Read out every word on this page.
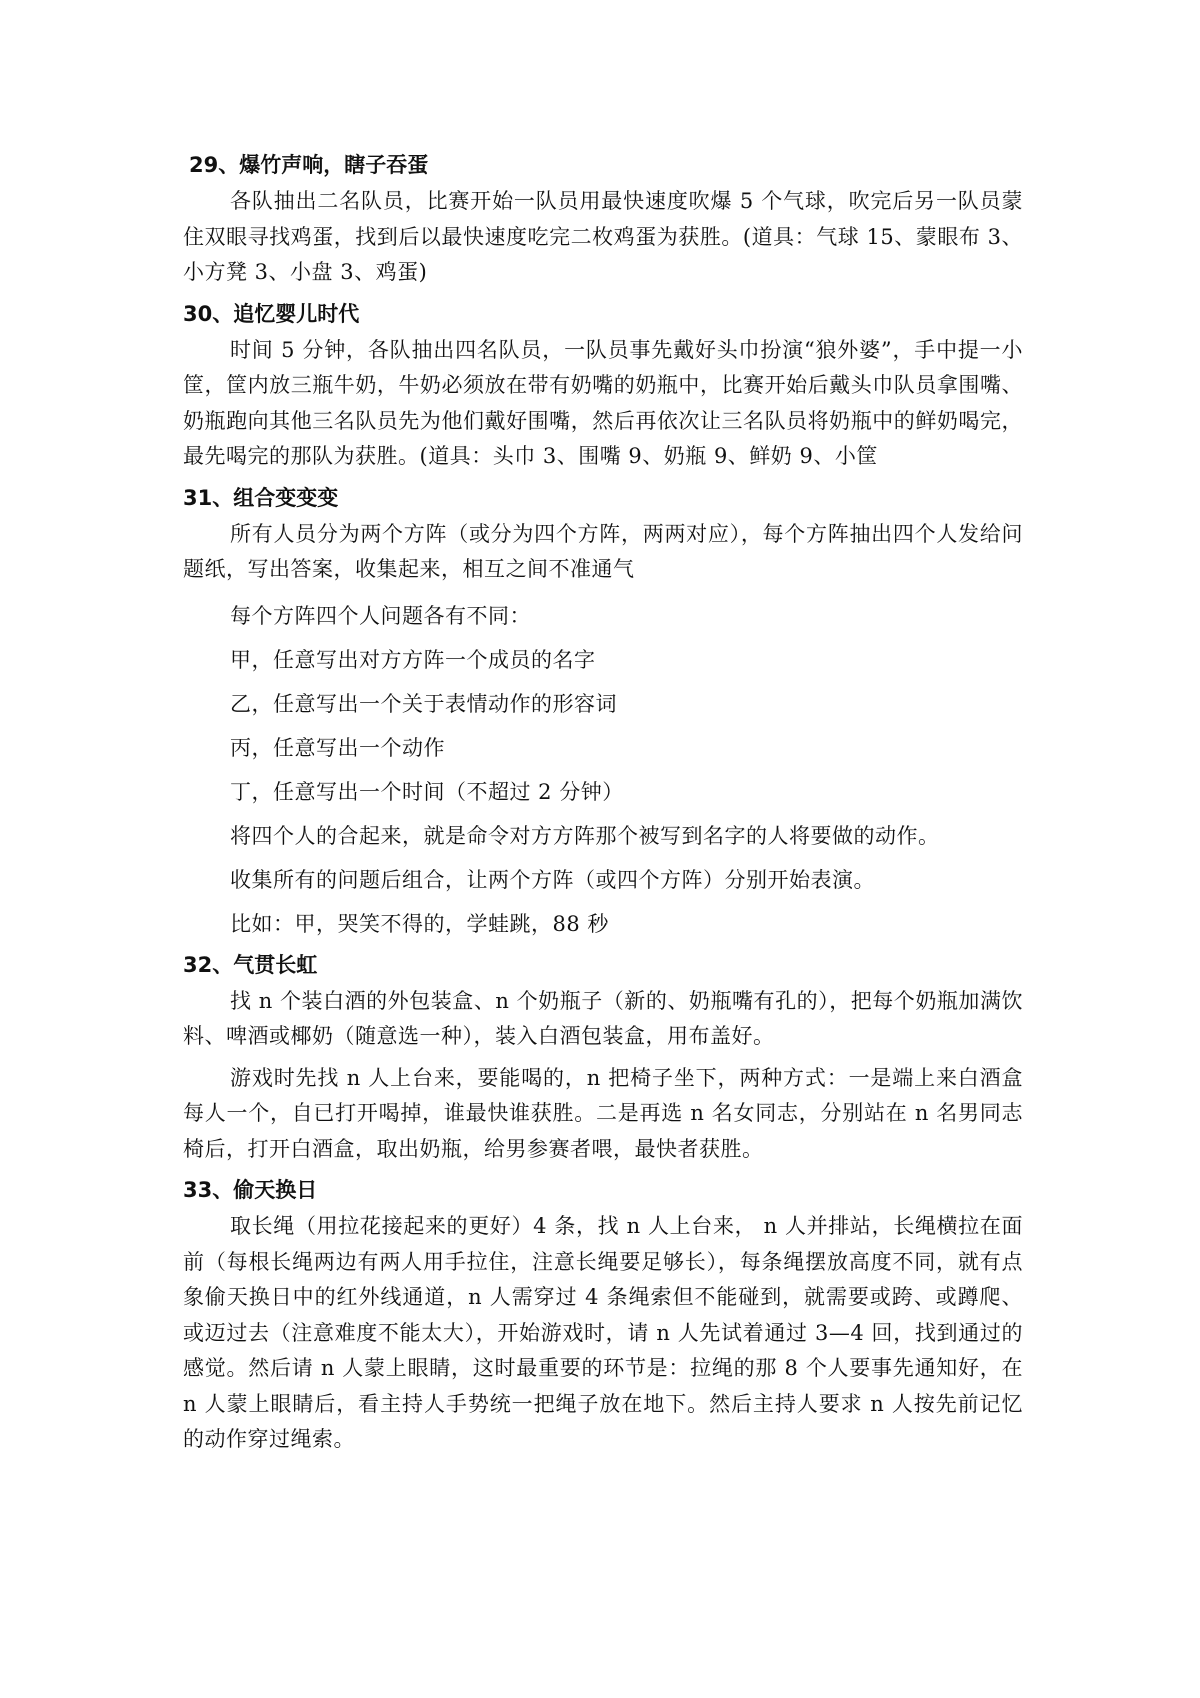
29、爆竹声响，瞎子吞蛋

各队抽出二名队员，比赛开始一队员用最快速度吹爆 5 个气球，吹完后另一队员蒙住双眼寻找鸡蛋，找到后以最快速度吃完二枚鸡蛋为获胜。(道具：气球 15、蒙眼布 3、小方凳 3、小盘 3、鸡蛋)

30、追忆婴儿时代

时间 5 分钟，各队抽出四名队员，一队员事先戴好头巾扮演“狼外婆”，手中提一小筐，筐内放三瓶牛奶，牛奶必须放在带有奶嘴的奶瓶中，比赛开始后戴头巾队员拿围嘴、奶瓶跑向其他三名队员先为他们戴好围嘴，然后再依次让三名队员将奶瓶中的鲜奶喝完，最先喝完的那队为获胜。(道具：头巾 3、围嘴 9、奶瓶 9、鲜奶 9、小筐

31、组合变变变

所有人员分为两个方阵（或分为四个方阵，两两对应），每个方阵抽出四个人发给问题纸，写出答案，收集起来，相互之间不准通气

每个方阵四个人问题各有不同：

甲，任意写出对方方阵一个成员的名字

乙，任意写出一个关于表情动作的形容词

丙，任意写出一个动作

丁，任意写出一个时间（不超过 2 分钟）

将四个人的合起来，就是命令对方方阵那个被写到名字的人将要做的动作。

收集所有的问题后组合，让两个方阵（或四个方阵）分别开始表演。

比如：甲，哭笑不得的，学蛙跳，88 秒

32、气贯长虹

找 n 个装白酒的外包装盒、n 个奶瓶子（新的、奶瓶嘴有孔的），把每个奶瓶加满饮料、啤酒或椰奶（随意选一种），装入白酒包装盒，用布盖好。

游戏时先找 n 人上台来，要能喝的，n 把椅子坐下，两种方式：一是端上来白酒盒每人一个，自已打开喝掉，谁最快谁获胜。二是再选 n 名女同志，分别站在 n 名男同志椅后，打开白酒盒，取出奶瓶，给男参赛者喂，最快者获胜。

33、偷天换日

取长绳（用拉花接起来的更好）4 条，找 n 人上台来， n 人并排站，长绳横拉在面前（每根长绳两边有两人用手拉住，注意长绳要足够长），每条绳摆放高度不同，就有点象偷天换日中的红外线通道，n 人需穿过 4 条绳索但不能碰到，就需要或跨、或蹲爬、或迈过去（注意难度不能太大），开始游戏时，请 n 人先试着通过 3—4 回，找到通过的感觉。然后请 n 人蒙上眼睛，这时最重要的环节是：拉绳的那 8 个人要事先通知好，在 n 人蒙上眼睛后，看主持人手势统一把绳子放在地下。然后主持人要求 n 人按先前记忆的动作穿过绳索。
